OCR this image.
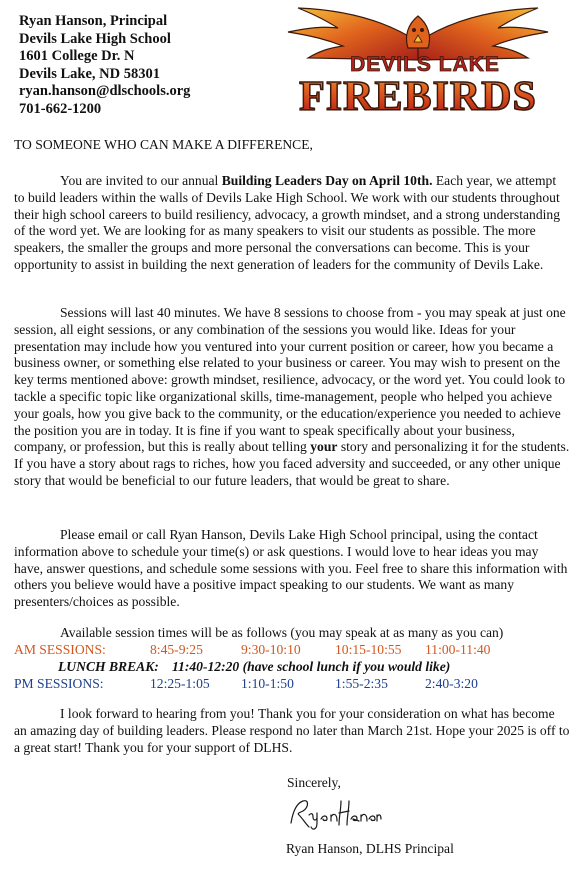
Ryan Hanson, Principal
Devils Lake High School
1601 College Dr. N
Devils Lake, ND 58301
ryan.hanson@dlschools.org
701-662-1200
DEVILS LAKE
FIREBIRDS
TO SOMEONE WHO CAN MAKE A DIFFERENCE,
You are invited to our annual Building Leaders Day on April 10th. Each year, we attempt to build leaders within the walls of Devils Lake High School. We work with our students throughout their high school careers to build resiliency, advocacy, a growth mindset, and a strong understanding of the word yet. We are looking for as many speakers to visit our students as possible. The more speakers, the smaller the groups and more personal the conversations can become. This is your opportunity to assist in building the next generation of leaders for the community of Devils Lake.
Sessions will last 40 minutes. We have 8 sessions to choose from - you may speak at just one session, all eight sessions, or any combination of the sessions you would like. Ideas for your presentation may include how you ventured into your current position or career, how you became a business owner, or something else related to your business or career. You may wish to present on the key terms mentioned above: growth mindset, resilience, advocacy, or the word yet. You could look to tackle a specific topic like organizational skills, time-management, people who helped you achieve your goals, how you give back to the community, or the education/experience you needed to achieve the position you are in today. It is fine if you want to speak specifically about your business, company, or profession, but this is really about telling your story and personalizing it for the students. If you have a story about rags to riches, how you faced adversity and succeeded, or any other unique story that would be beneficial to our future leaders, that would be great to share.
Please email or call Ryan Hanson, Devils Lake High School principal, using the contact information above to schedule your time(s) or ask questions. I would love to hear ideas you may have, answer questions, and schedule some sessions with you. Feel free to share this information with others you believe would have a positive impact speaking to our students. We want as many presenters/choices as possible.
Available session times will be as follows (you may speak at as many as you can)
AM SESSIONS:	8:45-9:25	9:30-10:10	10:15-10:55 11:00-11:40
LUNCH BREAK: 11:40-12:20 (have school lunch if you would like)
PM SESSIONS:	12:25-1:05 1:10-1:50	1:55-2:35	2:40-3:20
I look forward to hearing from you! Thank you for your consideration on what has become an amazing day of building leaders. Please respond no later than March 21st. Hope your 2025 is off to a great start! Thank you for your support of DLHS.
Sincerely,
Ryan Hanson, DLHS Principal
